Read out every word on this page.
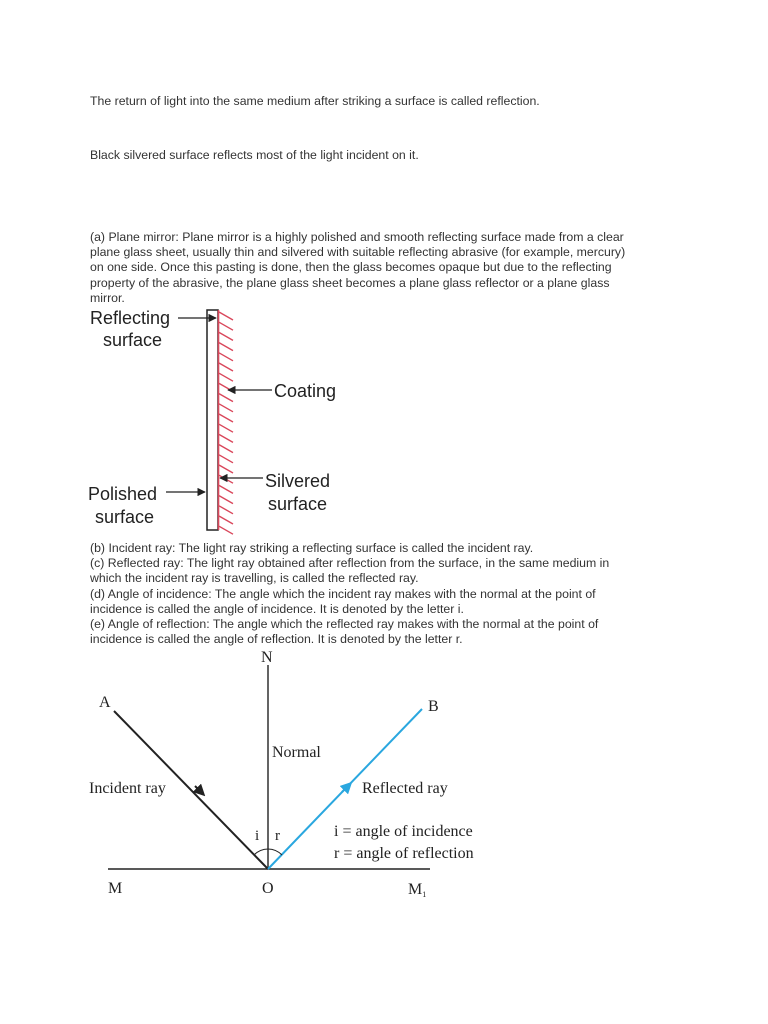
The return of light into the same medium after striking a surface is called reflection.

Black silvered surface reflects most of the light incident on it.

(a) Plane mirror: Plane mirror is a highly polished and smooth reflecting surface made from a clear
plane glass sheet, usually thin and silvered with suitable reflecting abrasive (for example, mercury)
on one side. Once this pasting is done, then the glass becomes opaque but due to the reflecting
property of the abrasive, the plane glass sheet becomes a plane glass reflector or a plane glass
mirror.

Reflecting
surface
Coating
Silvered
surface
Polished
surface

(b) Incident ray: The light ray striking a reflecting surface is called the incident ray.
(c) Reflected ray: The light ray obtained after reflection from the surface, in the same medium in
which the incident ray is travelling, is called the reflected ray.
(d) Angle of incidence: The angle which the incident ray makes with the normal at the point of
incidence is called the angle of incidence. It is denoted by the letter i.
(e) Angle of reflection: The angle which the reflected ray makes with the normal at the point of
incidence is called the angle of reflection. It is denoted by the letter r.

N
A	B
Normal
Incident ray	Reflected ray
i r	i = angle of incidence
r = angle of reflection
M	O	M1
